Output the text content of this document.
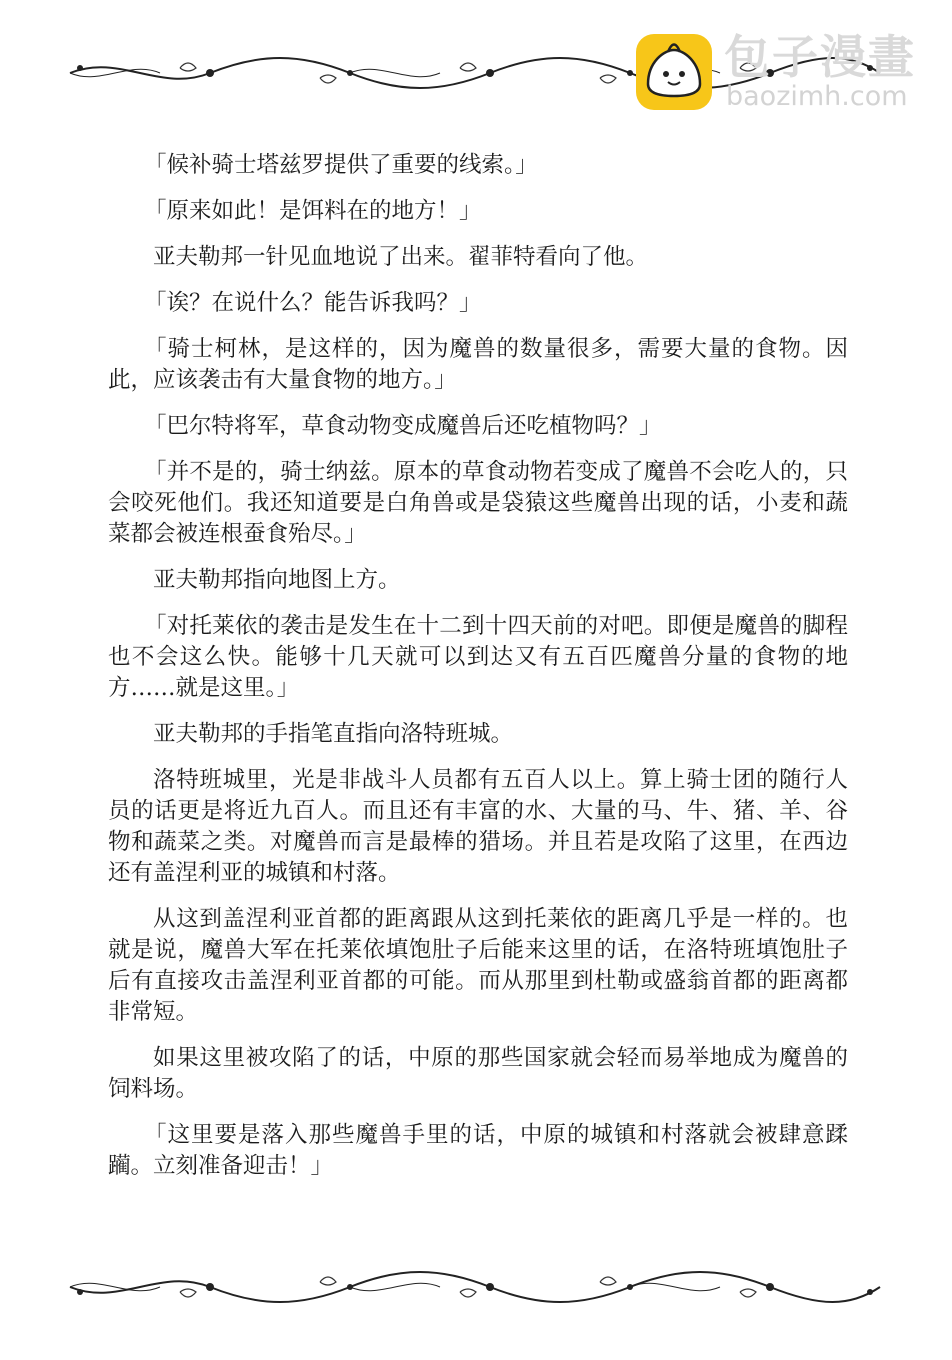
包子漫畫
baozimh.com

「候补骑士塔兹罗提供了重要的线索。」

「原来如此！是饵料在的地方！」

亚夫勒邦一针见血地说了出来。翟菲特看向了他。

「诶？在说什么？能告诉我吗？」

「骑士柯林，是这样的，因为魔兽的数量很多，需要大量的食物。因此，应该袭击有大量食物的地方。」

「巴尔特将军，草食动物变成魔兽后还吃植物吗？」

「并不是的，骑士纳兹。原本的草食动物若变成了魔兽不会吃人的，只会咬死他们。我还知道要是白角兽或是袋猿这些魔兽出现的话，小麦和蔬菜都会被连根蚕食殆尽。」

亚夫勒邦指向地图上方。

「对托莱依的袭击是发生在十二到十四天前的对吧。即便是魔兽的脚程也不会这么快。能够十几天就可以到达又有五百匹魔兽分量的食物的地方……就是这里。」

亚夫勒邦的手指笔直指向洛特班城。

洛特班城里，光是非战斗人员都有五百人以上。算上骑士团的随行人员的话更是将近九百人。而且还有丰富的水、大量的马、牛、猪、羊、谷物和蔬菜之类。对魔兽而言是最棒的猎场。并且若是攻陷了这里，在西边还有盖涅利亚的城镇和村落。

从这到盖涅利亚首都的距离跟从这到托莱依的距离几乎是一样的。也就是说，魔兽大军在托莱依填饱肚子后能来这里的话，在洛特班填饱肚子后有直接攻击盖涅利亚首都的可能。而从那里到杜勒或盛翁首都的距离都非常短。

如果这里被攻陷了的话，中原的那些国家就会轻而易举地成为魔兽的饲料场。

「这里要是落入那些魔兽手里的话，中原的城镇和村落就会被肆意蹂躏。立刻准备迎击！」
